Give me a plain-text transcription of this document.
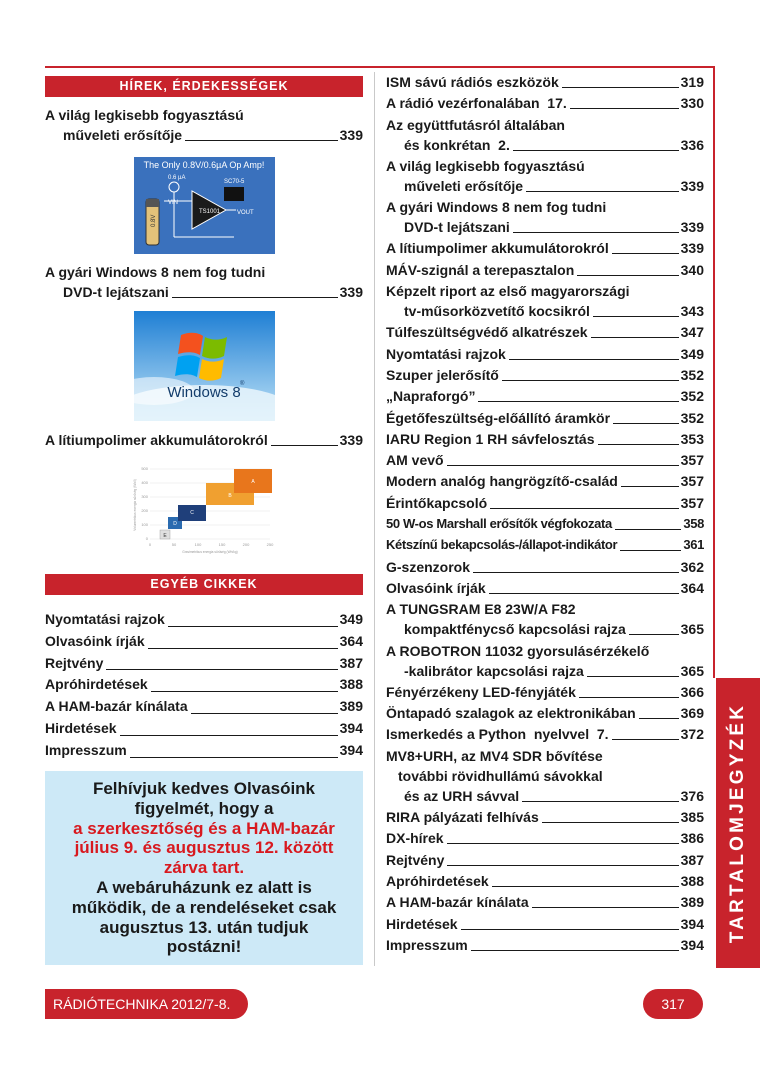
HÍREK, ÉRDEKESSÉGEK
A világ legkisebb fogyasztású
műveleti erősítője	339
The Only 0.8V/0.6µA Op Amp!
0.6 µA
SC70-5
TS1001
VIN
VOUT
0.8V
A gyári Windows 8 nem fog tudni
DVD-t lejátszani	339
Windows 8 ®
A lítiumpolimer akkumulátorokról	339
500
400
300
200
100
0
0	50	100	150	200	250
Gravimetrikus energia sűrűség (Wh/kg)
Volumetrikus energia sűrűség (Wh/l)
E
D
C
B
A
EGYÉB CIKKEK
Nyomtatási rajzok	349
Olvasóink írják	364
Rejtvény	387
Apróhirdetések	388
A HAM-bazár kínálata	389
Hirdetések	394
Impresszum	394
Felhívjuk kedves Olvasóink
figyelmét, hogy a
a szerkesztőség és a HAM-bazár
július 9. és augusztus 12. között
zárva tart.
A webáruházunk ez alatt is
működik, de a rendeléseket csak
augusztus 13. után tudjuk
postázni!
ISM sávú rádiós eszközök	319
A rádió vezérfonalában  17.	330
Az együttfutásról általában
és konkrétan  2.	336
A világ legkisebb fogyasztású
műveleti erősítője	339
A gyári Windows 8 nem fog tudni
DVD-t lejátszani	339
A lítiumpolimer akkumulátorokról	339
MÁV-szignál a terepasztalon	340
Képzelt riport az első magyarországi
tv-műsorközvetítő kocsikról	343
Túlfeszültségvédő alkatrészek	347
Nyomtatási rajzok	349
Szuper jelerősítő	352
„Napraforgó”	352
Égetőfeszültség-előállító áramkör	352
IARU Region 1 RH sávfelosztás	353
AM vevő	357
Modern analóg hangrögzítő-család	357
Érintőkapcsoló	357
50 W-os Marshall erősítők végfokozata	358
Kétszínű bekapcsolás-/állapot-indikátor	361
G-szenzorok	362
Olvasóink írják	364
A TUNGSRAM E8 23W/A F82
kompaktfénycső kapcsolási rajza	365
A ROBOTRON 11032 gyorsulásérzékelő
-kalibrátor kapcsolási rajza	365
Fényérzékeny LED-fényjáték	366
Öntapadó szalagok az elektronikában	369
Ismerkedés a Python  nyelvvel  7.	372
MV8+URH, az MV4 SDR bővítése
további rövidhullámú sávokkal
és az URH sávval	376
RIRA pályázati felhívás	385
DX-hírek	386
Rejtvény	387
Apróhirdetések	388
A HAM-bazár kínálata	389
Hirdetések	394
Impresszum	394
TARTALOMJEGYZÉK
RÁDIÓTECHNIKA 2012/7-8.	317
